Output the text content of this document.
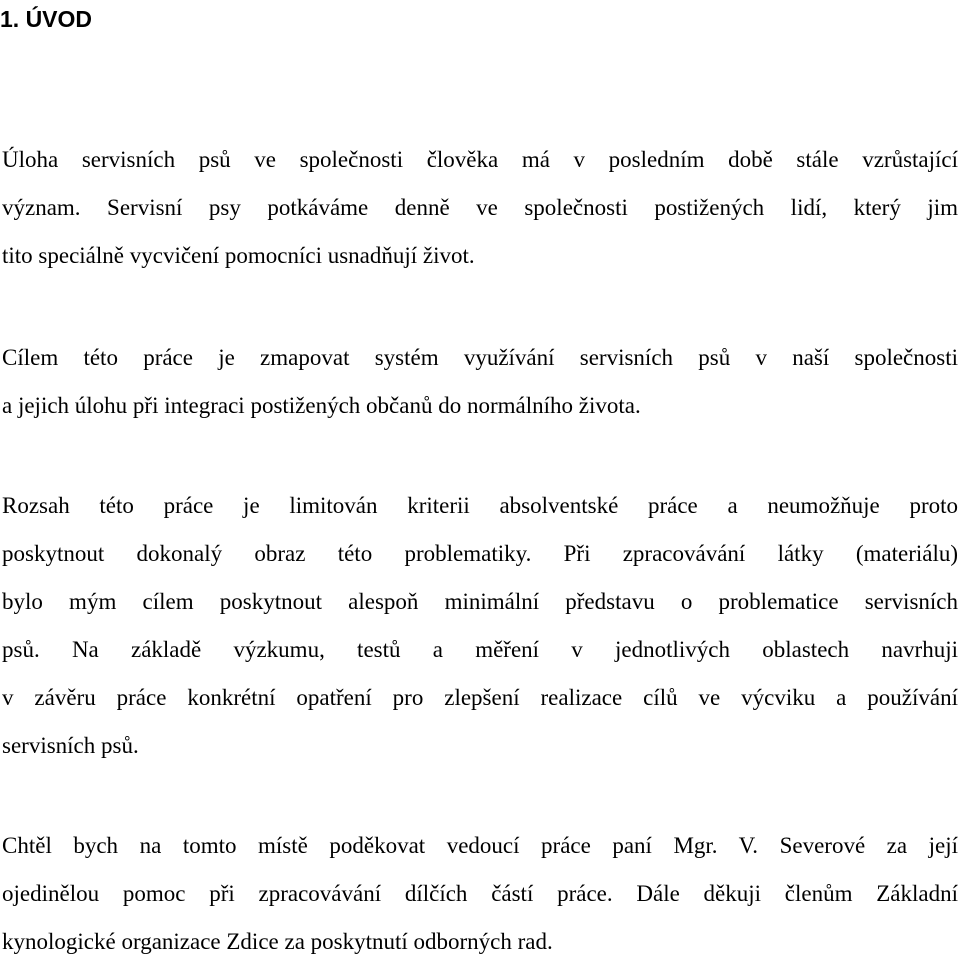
1. ÚVOD

Úloha servisních psů ve společnosti člověka má v posledním době stále vzrůstající
význam. Servisní psy potkáváme denně ve společnosti postižených lidí, který jim
tito speciálně vycvičení pomocníci usnadňují život.

Cílem této práce je zmapovat systém využívání servisních psů v naší společnosti
a jejich úlohu při integraci postižených občanů do normálního života.

Rozsah této práce je limitován kriterii absolventské práce a neumožňuje proto
poskytnout dokonalý obraz této problematiky. Při zpracovávání látky (materiálu)
bylo mým cílem poskytnout alespoň minimální představu o problematice servisních
psů. Na základě výzkumu, testů a měření v jednotlivých oblastech navrhuji
v závěru práce konkrétní opatření pro zlepšení realizace cílů ve výcviku a používání
servisních psů.

Chtěl bych na tomto místě poděkovat vedoucí práce paní Mgr. V. Severové za její
ojedinělou pomoc při zpracovávání dílčích částí práce. Dále děkuji členům Základní
kynologické organizace Zdice za poskytnutí odborných rad.
